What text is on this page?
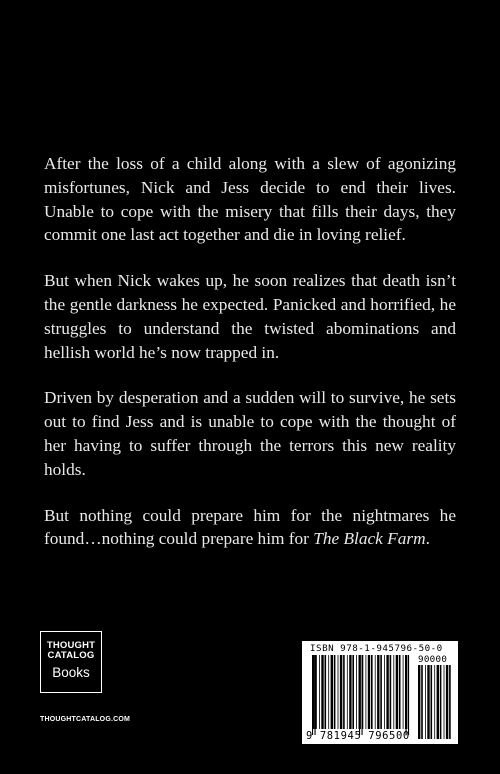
After the loss of a child along with a slew of agonizing misfortunes, Nick and Jess decide to end their lives. Unable to cope with the misery that fills their days, they commit one last act together and die in loving relief.

But when Nick wakes up, he soon realizes that death isn’t the gentle darkness he expected. Panicked and horrified, he struggles to understand the twisted abominations and hellish world he’s now trapped in.

Driven by desperation and a sudden will to survive, he sets out to find Jess and is unable to cope with the thought of her having to suffer through the terrors this new reality holds.

But nothing could prepare him for the nightmares he found…nothing could prepare him for The Black Farm.

THOUGHT
CATALOG
Books
THOUGHTCATALOG.COM
ISBN 978-1-945796-50-0
90000
9 781945 796500
